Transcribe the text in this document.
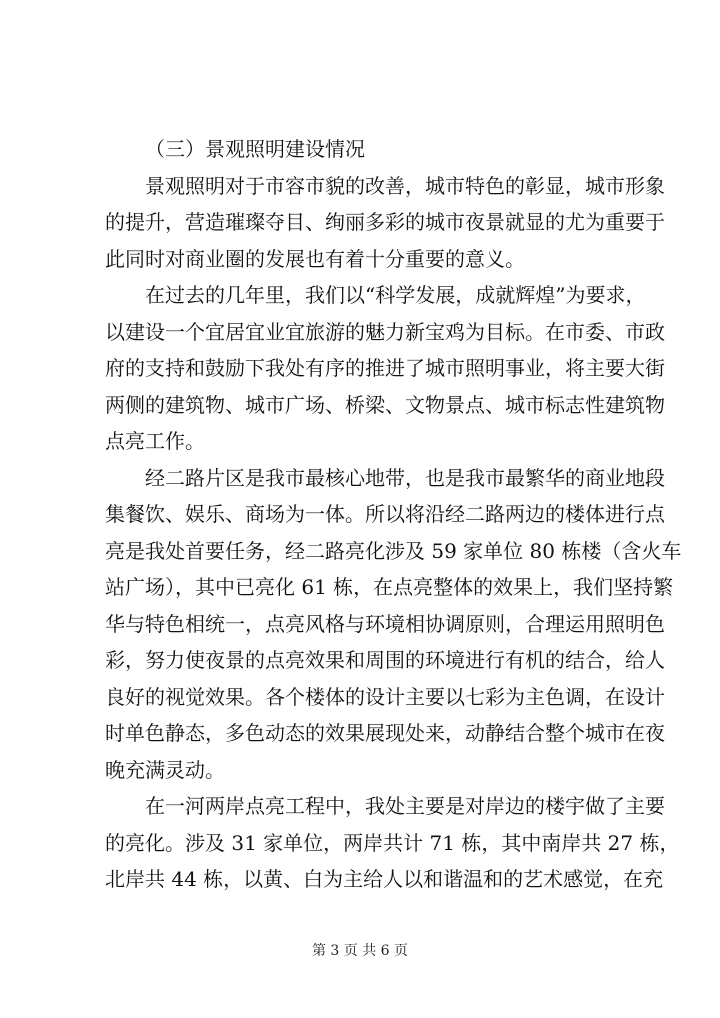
（三）景观照明建设情况

景观照明对于市容市貌的改善，城市特色的彰显，城市形象
的提升，营造璀璨夺目、绚丽多彩的城市夜景就显的尤为重要于
此同时对商业圈的发展也有着十分重要的意义。

在过去的几年里，我们以“科学发展，成就辉煌”为要求，
以建设一个宜居宜业宜旅游的魅力新宝鸡为目标。在市委、市政
府的支持和鼓励下我处有序的推进了城市照明事业，将主要大街
两侧的建筑物、城市广场、桥梁、文物景点、城市标志性建筑物
点亮工作。

经二路片区是我市最核心地带，也是我市最繁华的商业地段
集餐饮、娱乐、商场为一体。所以将沿经二路两边的楼体进行点
亮是我处首要任务，经二路亮化涉及 59 家单位 80 栋楼（含火车
站广场），其中已亮化 61 栋，在点亮整体的效果上，我们坚持繁
华与特色相统一，点亮风格与环境相协调原则，合理运用照明色
彩，努力使夜景的点亮效果和周围的环境进行有机的结合，给人
良好的视觉效果。各个楼体的设计主要以七彩为主色调，在设计
时单色静态，多色动态的效果展现处来，动静结合整个城市在夜
晚充满灵动。

在一河两岸点亮工程中，我处主要是对岸边的楼宇做了主要
的亮化。涉及 31 家单位，两岸共计 71 栋，其中南岸共 27 栋，
北岸共 44 栋，以黄、白为主给人以和谐温和的艺术感觉，在充

第 3 页 共 6 页
